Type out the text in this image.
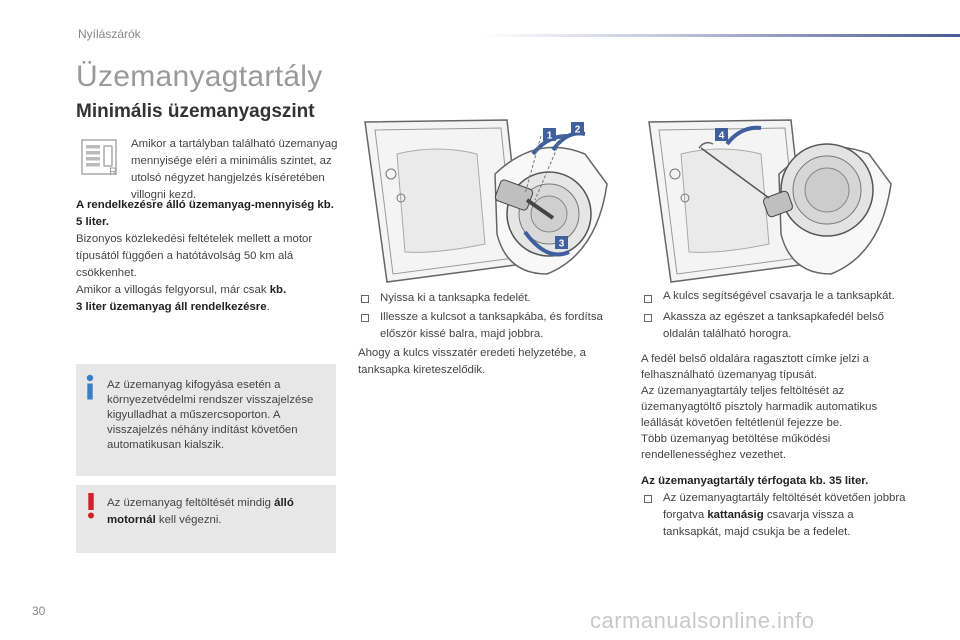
Nyílászárók
Üzemanyagtartály
Minimális üzemanyagszint
R

Amikor a tartályban található üzemanyag mennyisége eléri a minimális szintet, az utolsó négyzet hangjelzés kíséretében villogni kezd.

A rendelkezésre álló üzemanyag-mennyiség kb. 5 liter.

Bizonyos közlekedési feltételek mellett a motor típusától függően a hatótávolság 50 km alá csökkenhet.

Amikor a villogás felgyorsul, már csak kb.
3 liter üzemanyag áll rendelkezésre.

Az üzemanyag kifogyása esetén a környezetvédelmi rendszer visszajelzése kigyulladhat a műszercsoporton. A visszajelzés néhány indítást követően automatikusan kialszik.

Az üzemanyag feltöltését mindig álló
motornál kell végezni.

1
2
3
4

Nyissa ki a tanksapka fedelét.

Illessze a kulcsot a tanksapkába, és fordítsa először kissé balra, majd jobbra.

Ahogy a kulcs visszatér eredeti helyzetébe, a tanksapka kireteszelődik.

A kulcs segítségével csavarja le a tanksapkát.

Akassza az egészet a tanksapkafedél belső oldalán található horogra.

A fedél belső oldalára ragasztott címke jelzi a felhasználható üzemanyag típusát.

Az üzemanyagtartály teljes feltöltését az üzemanyagtöltő pisztoly harmadik automatikus leállását követően feltétlenül fejezze be.

Több üzemanyag betöltése működési rendellenességhez vezethet.

Az üzemanyagtartály térfogata kb. 35 liter.

Az üzemanyagtartály feltöltését követően jobbra forgatva kattanásig csavarja vissza a tanksapkát, majd csukja be a fedelet.

30	carmanualsonline.info
